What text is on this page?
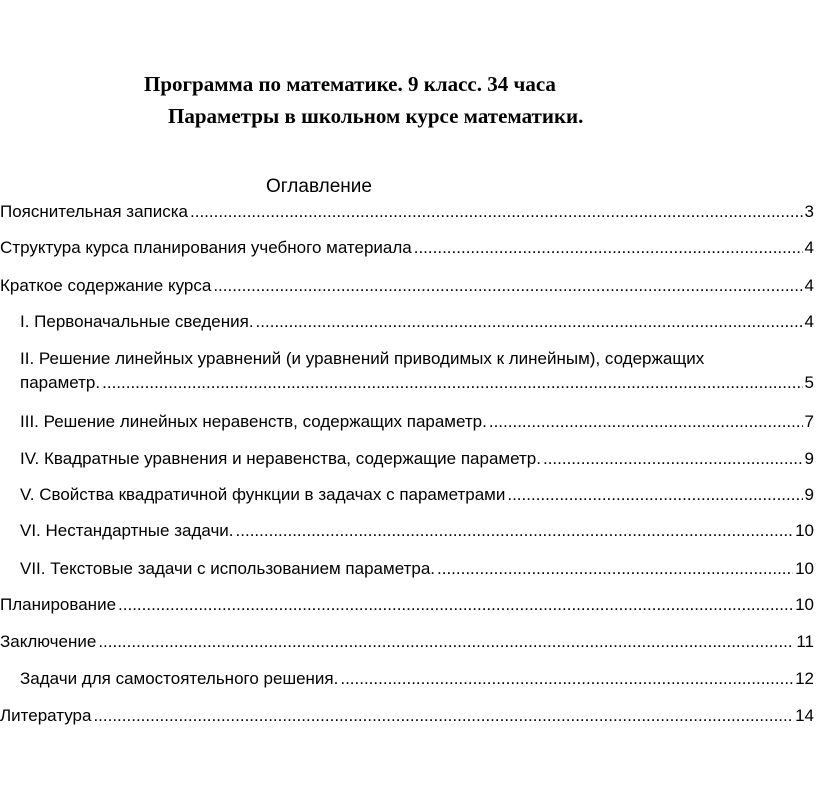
Программа по математике. 9 класс. 34 часа
Параметры в школьном курсе математики.
Оглавление
Пояснительная записка .....	3
Структура курса планирования учебного материала .....	4
Краткое содержание курса .....	4
I. Первоначальные сведения. .....	4
II. Решение линейных уравнений (и уравнений приводимых к линейным), содержащих
параметр. .....	5
III. Решение линейных неравенств, содержащих параметр. .....	7
IV. Квадратные уравнения и неравенства, содержащие параметр. .....	9
V. Свойства квадратичной функции в задачах с параметрами .....	9
VI. Нестандартные задачи. .....	10
VII. Текстовые задачи с использованием параметра. .....	10
Планирование .....	10
Заключение .....	11
Задачи для самостоятельного решения. .....	12
Литература .....	14
